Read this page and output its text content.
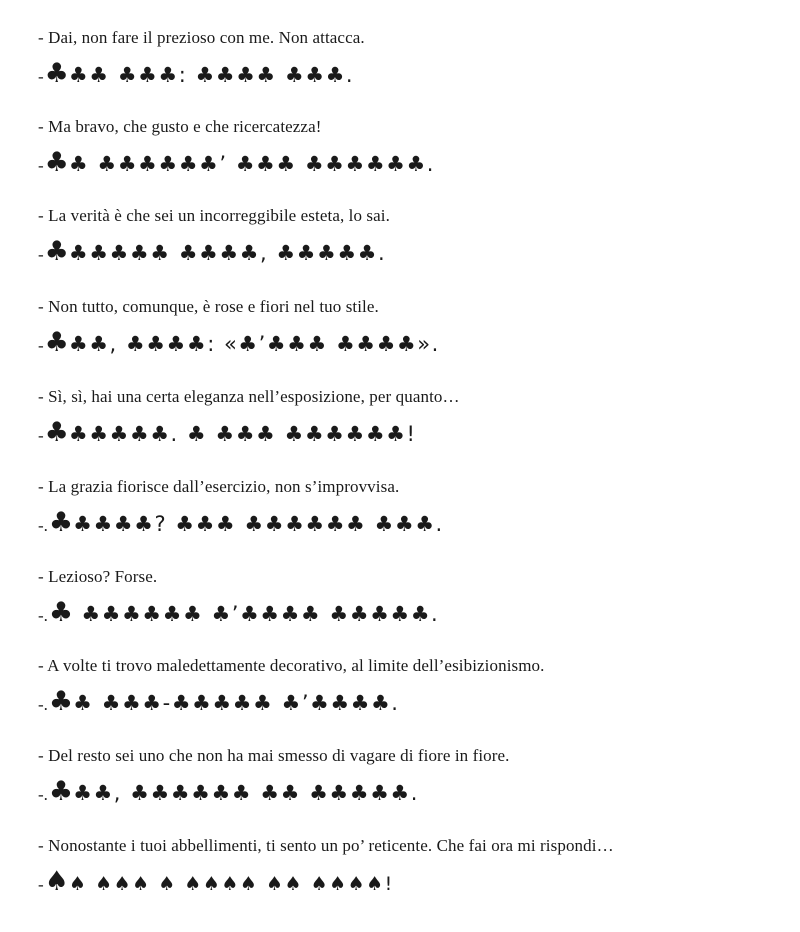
- Dai, non fare il prezioso con me. Non attacca.
-♣♣♣ ♣♣♣: ♣♣♣♣ ♣♣♣.
- Ma bravo, che gusto e che ricercatezza!
-♣♣ ♣♣♣♣♣♣’ ♣♣♣ ♣♣♣♣♣♣.
- La verità è che sei un incorreggibile esteta, lo sai.
-♣♣♣♣♣♣ ♣♣♣♣, ♣♣♣♣♣.
- Non tutto, comunque, è rose e fiori nel tuo stile.
-♣♣♣, ♣♣♣♣: «♣’♣♣♣ ♣♣♣♣».
- Sì, sì, hai una certa eleganza nell’esposizione, per quanto…
-♣♣♣♣♣♣. ♣ ♣♣♣ ♣♣♣♣♣♣!
- La grazia fiorisce dall’esercizio, non s’improvvisa.
-.♣♣♣♣♣? ♣♣♣ ♣♣♣♣♣♣ ♣♣♣.
- Lezioso? Forse.
-.♣ ♣♣♣♣♣♣ ♣’♣♣♣♣ ♣♣♣♣♣.
- A volte ti trovo maledettamente decorativo, al limite dell’esibizionismo.
-.♣♣ ♣♣♣-♣♣♣♣♣ ♣’♣♣♣♣.
- Del resto sei uno che non ha mai smesso di vagare di fiore in fiore.
-.♣♣♣, ♣♣♣♣♣♣ ♣♣ ♣♣♣♣♣.
- Nonostante i tuoi abbellimenti, ti sento un po’ reticente. Che fai ora mi rispondi…
-♠♠ ♠♠♠ ♠ ♠♠♠♠ ♠♠ ♠♠♠♠!
